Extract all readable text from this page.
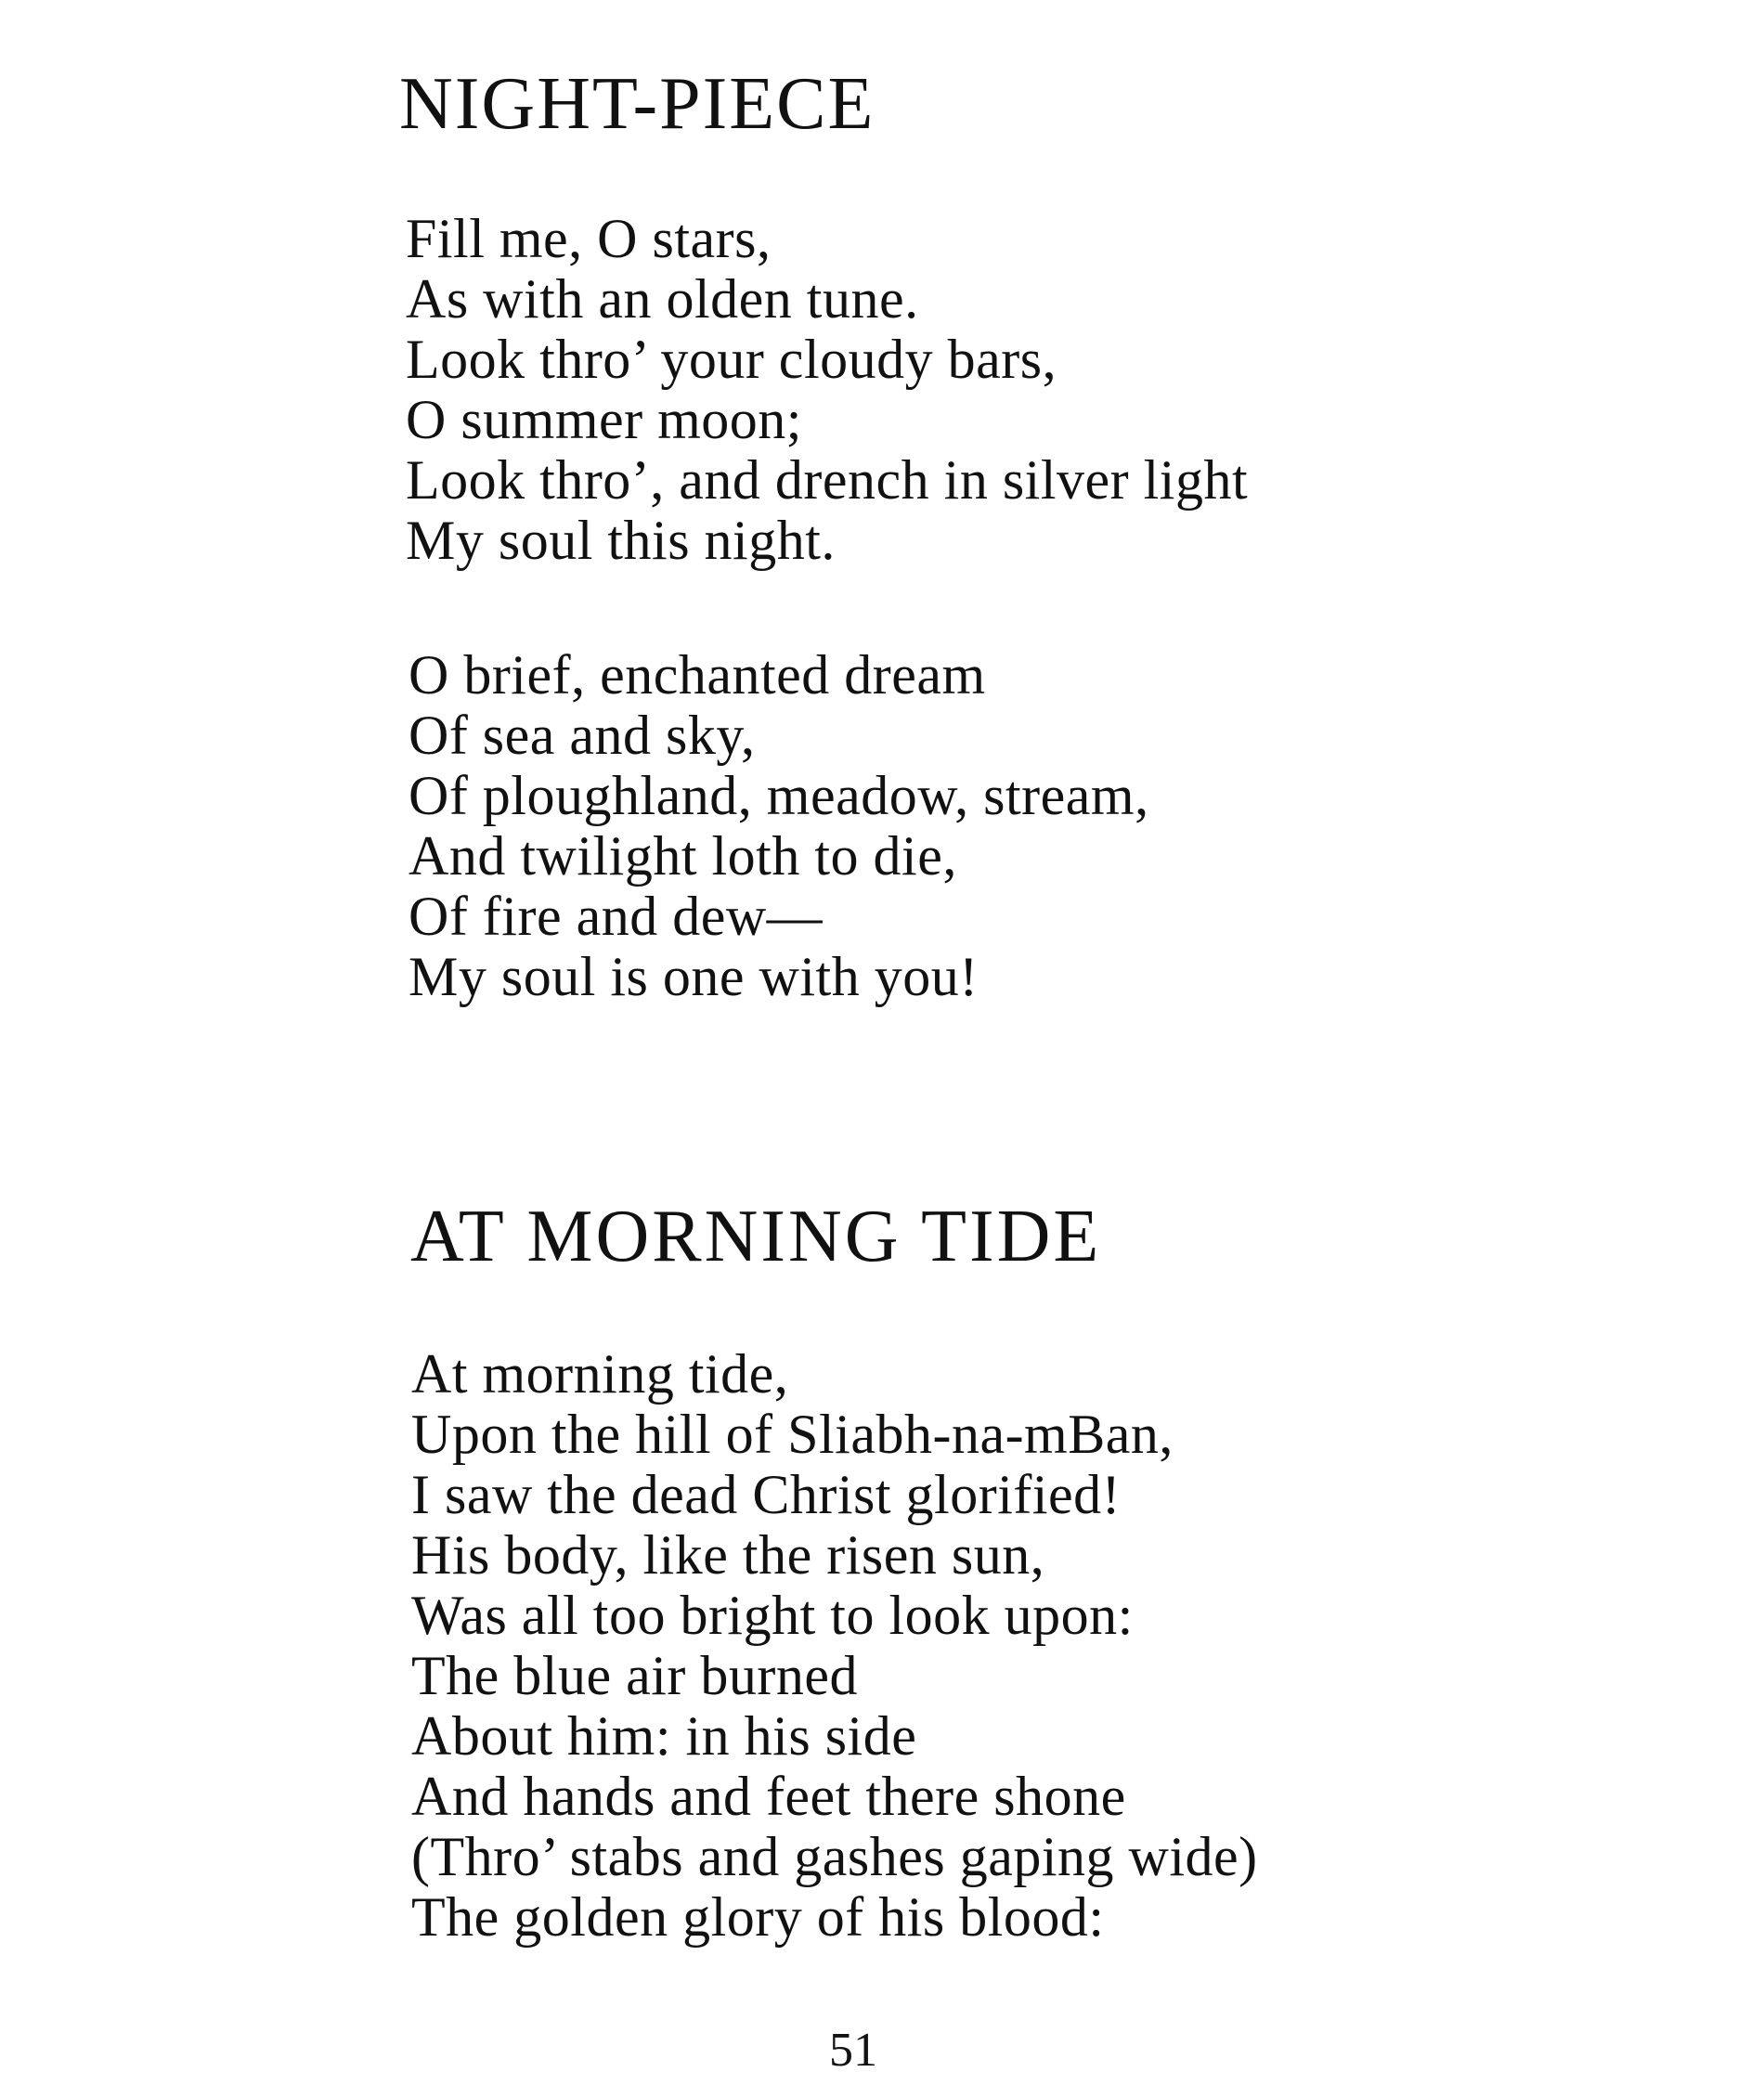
NIGHT-PIECE
Fill me, O stars,
As with an olden tune.
Look thro’ your cloudy bars,
O summer moon;
Look thro’, and drench in silver light
My soul this night.
O brief, enchanted dream
Of sea and sky,
Of ploughland, meadow, stream,
And twilight loth to die,
Of fire and dew—
My soul is one with you!
AT MORNING TIDE
At morning tide,
Upon the hill of Sliabh-na-mBan,
I saw the dead Christ glorified!
His body, like the risen sun,
Was all too bright to look upon:
The blue air burned
About him: in his side
And hands and feet there shone
(Thro’ stabs and gashes gaping wide)
The golden glory of his blood:
51
